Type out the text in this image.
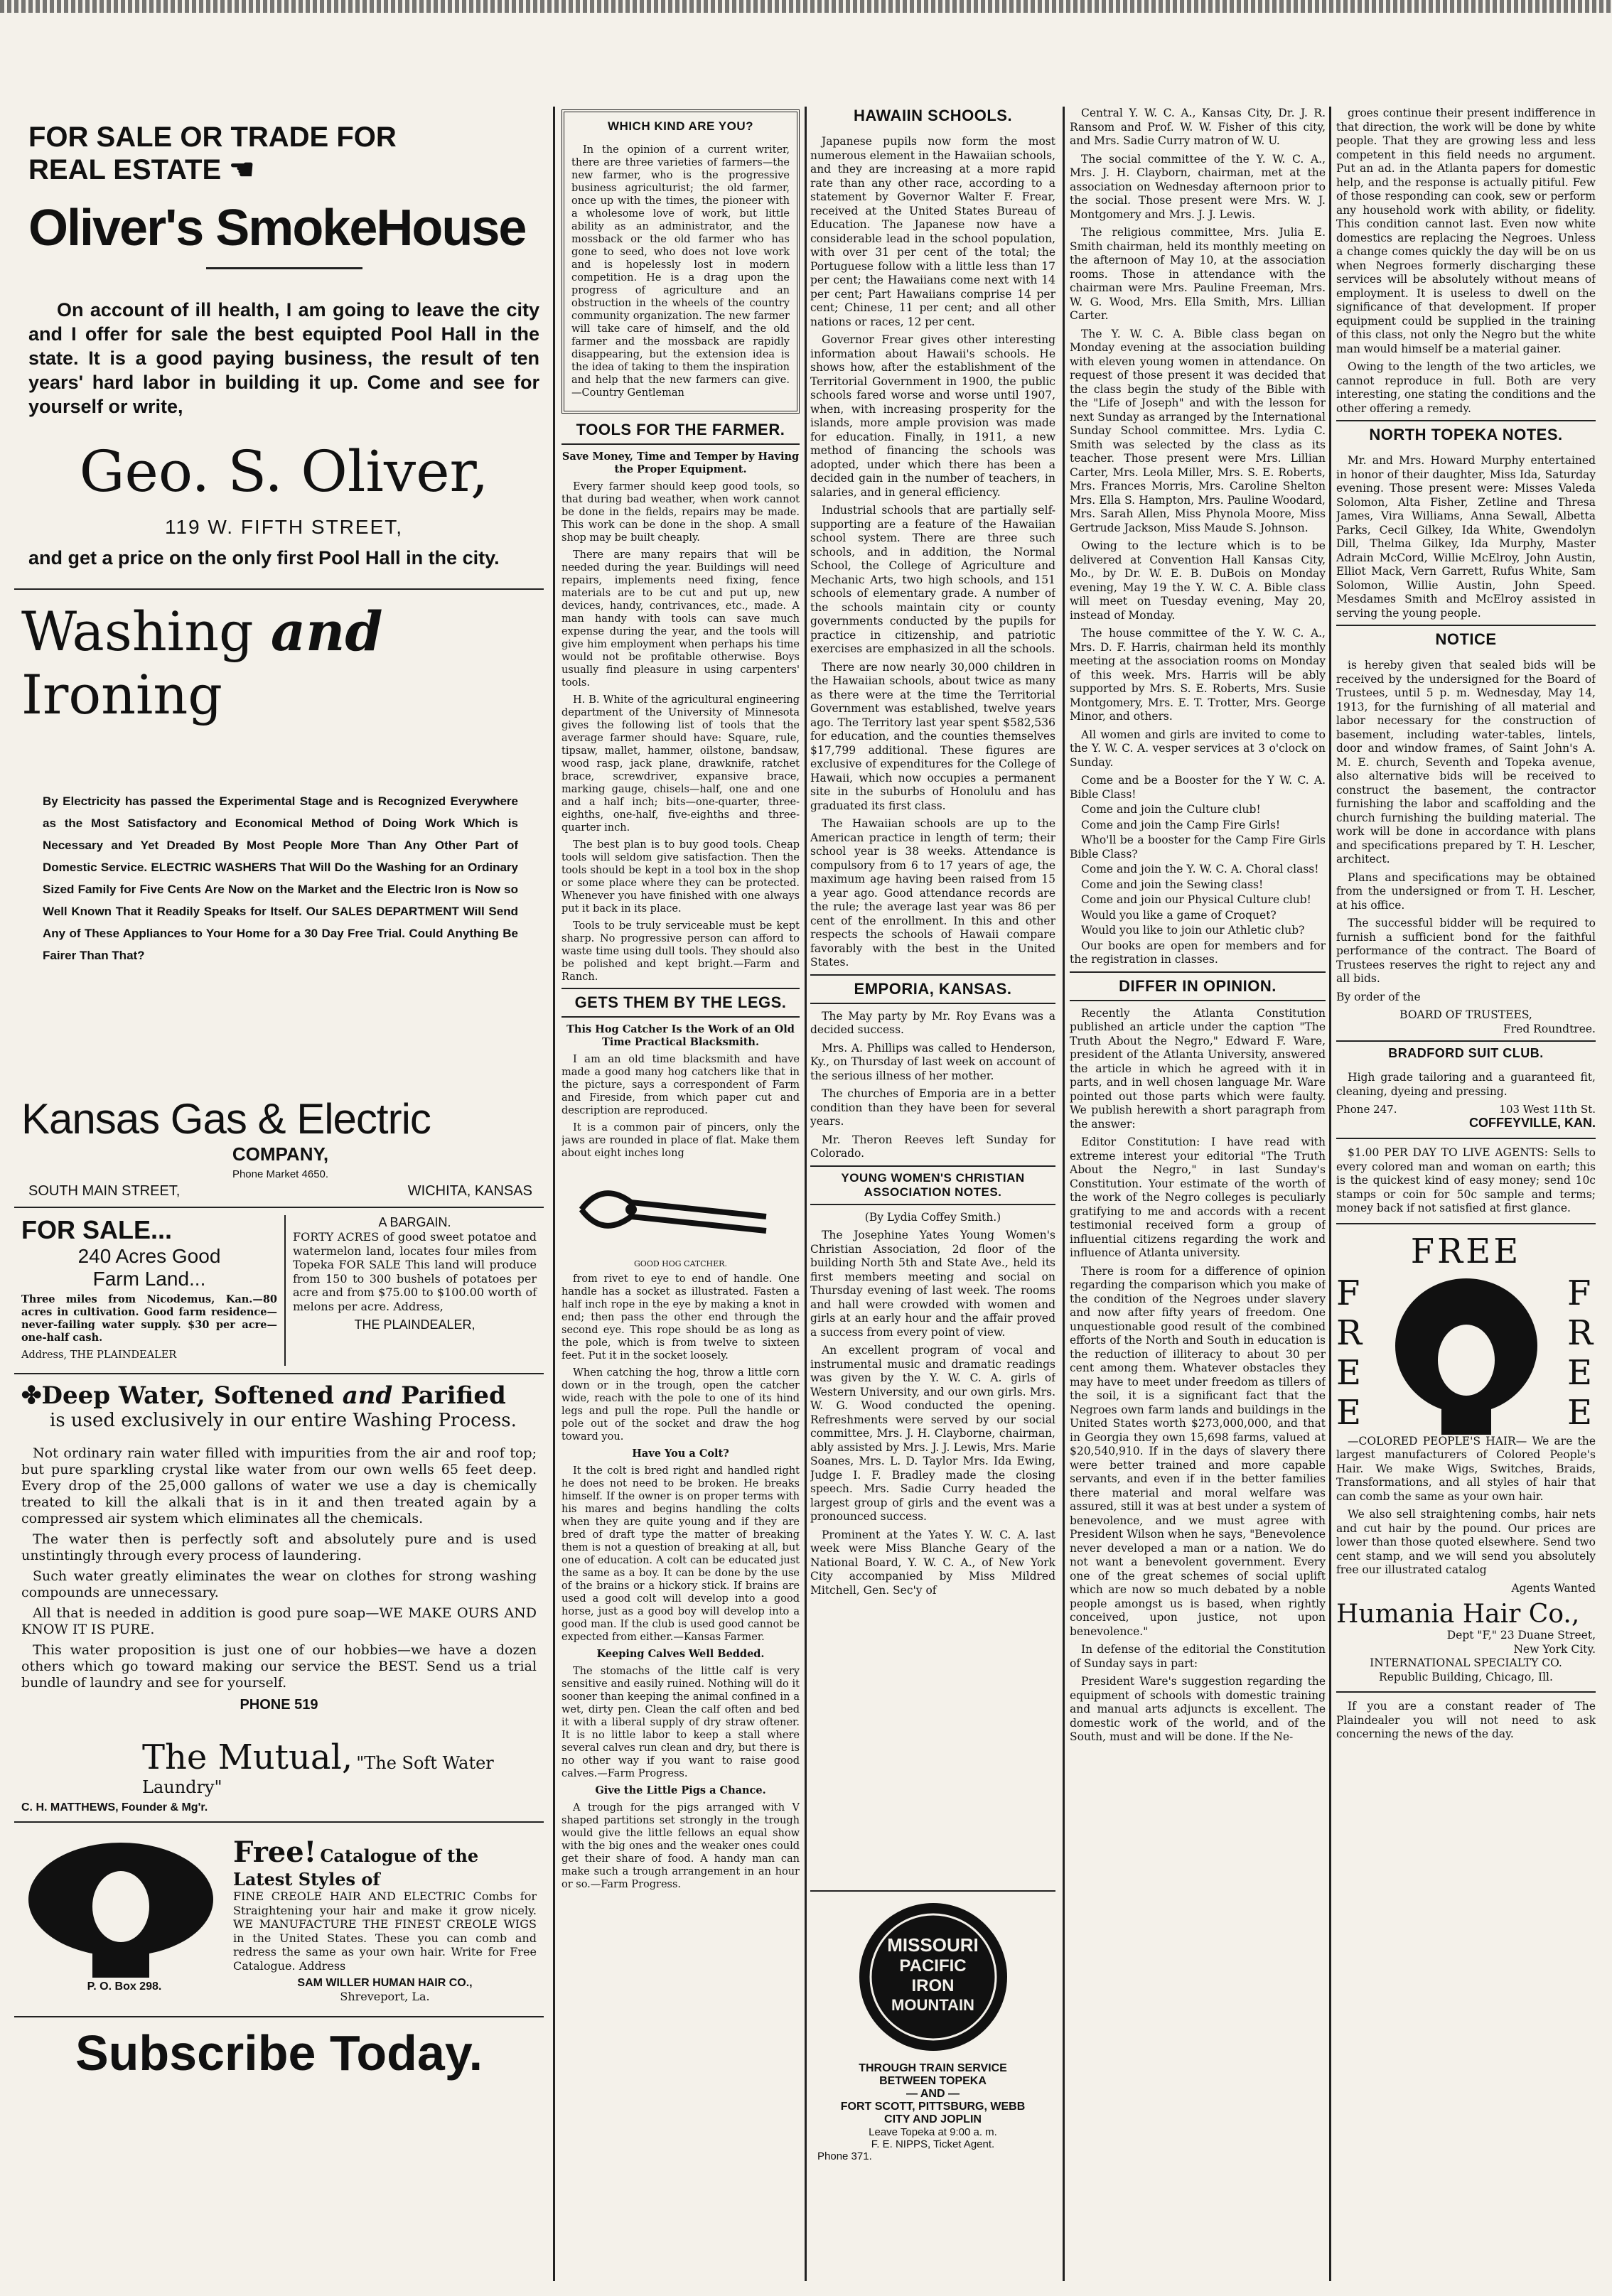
FOR SALE OR TRADE FOR

REAL ESTATE ☚

Oliver's SmokeHouse

On account of ill health, I am going to leave the city and I offer for sale the best equipted Pool Hall in the state. It is a good paying business, the result of ten years' hard labor in building it up. Come and see for yourself or write,

Geo. S. Oliver,

119 W. FIFTH STREET,

and get a price on the only first Pool Hall in the city.

Washing and Ironing

By Electricity has passed the Experimental Stage and is Recognized Everywhere as the Most Satisfactory and Economical Method of Doing Work Which is Necessary and Yet Dreaded By Most People More Than Any Other Part of Domestic Service. ELECTRIC WASHERS That Will Do the Washing for an Ordinary Sized Family for Five Cents Are Now on the Market and the Electric Iron is Now so Well Known That it Readily Speaks for Itself. Our SALES DEPARTMENT Will Send Any of These Appliances to Your Home for a 30 Day Free Trial. Could Anything Be Fairer Than That?

Kansas Gas & Electric

COMPANY,

Phone Market 4650.

SOUTH MAIN STREET,	WICHITA, KANSAS

FOR SALE...

240 Acres Good

Farm Land...

Three miles from Nicodemus, Kan.—80 acres in cultivation. Good farm residence—never-failing water supply. $30 per acre—one-half cash.

Address, THE PLAINDEALER

A BARGAIN.

FORTY ACRES of good sweet potatoe and watermelon land, locates four miles from Topeka FOR SALE This land will produce from 150 to 300 bushels of potatoes per acre and from $75.00 to $100.00 worth of melons per acre. Address,

THE PLAINDEALER,

✤Deep Water, Softened and Parified

is used exclusively in our entire Washing Process.

Not ordinary rain water filled with impurities from the air and roof top; but pure sparkling crystal like water from our own wells 65 feet deep. Every drop of the 25,000 gallons of water we use a day is chemically treated to kill the alkali that is in it and then treated again by a compressed air system which eliminates all the chemicals.

The water then is perfectly soft and absolutely pure and is used unstintingly through every process of laundering.

Such water greatly eliminates the wear on clothes for strong washing compounds are unnecessary.

All that is needed in addition is good pure soap—WE MAKE OURS AND KNOW IT IS PURE.

This water proposition is just one of our hobbies—we have a dozen others which go toward making our service the BEST. Send us a trial bundle of laundry and see for yourself.

PHONE 519

The Mutual, "The Soft Water Laundry"

C. H. MATTHEWS, Founder & Mg'r.

P. O. Box 298.

Free! Catalogue of the Latest Styles of

FINE CREOLE HAIR AND ELECTRIC Combs for Straightening your hair and make it grow nicely. WE MANUFACTURE THE FINEST CREOLE WIGS in the United States. These you can comb and redress the same as your own hair. Write for Free Catalogue. Address

SAM WILLER HUMAN HAIR CO.,

Shreveport, La.

Subscribe Today.

WHICH KIND ARE YOU?

In the opinion of a current writer, there are three varieties of farmers—the new farmer, who is the progressive business agriculturist; the old farmer, once up with the times, the pioneer with a wholesome love of work, but little ability as an administrator, and the mossback or the old farmer who has gone to seed, who does not love work and is hopelessly lost in modern competition. He is a drag upon the progress of agriculture and an obstruction in the wheels of the country community organization. The new farmer will take care of himself, and the old farmer and the mossback are rapidly disappearing, but the extension idea is the idea of taking to them the inspiration and help that the new farmers can give.—Country Gentleman

TOOLS FOR THE FARMER.

Save Money, Time and Temper by Having the Proper Equipment.

Every farmer should keep good tools, so that during bad weather, when work cannot be done in the fields, repairs may be made. This work can be done in the shop. A small shop may be built cheaply.

There are many repairs that will be needed during the year. Buildings will need repairs, implements need fixing, fence materials are to be cut and put up, new devices, handy, contrivances, etc., made. A man handy with tools can save much expense during the year, and the tools will give him employment when perhaps his time would not be profitable otherwise. Boys usually find pleasure in using carpenters' tools.

H. B. White of the agricultural engineering department of the University of Minnesota gives the following list of tools that the average farmer should have: Square, rule, tipsaw, mallet, hammer, oilstone, bandsaw, wood rasp, jack plane, drawknife, ratchet brace, screwdriver, expansive brace, marking gauge, chisels—half, one and one and a half inch; bits—one-quarter, three-eighths, one-half, five-eighths and three-quarter inch.

The best plan is to buy good tools. Cheap tools will seldom give satisfaction. Then the tools should be kept in a tool box in the shop or some place where they can be protected. Whenever you have finished with one always put it back in its place.

Tools to be truly serviceable must be kept sharp. No progressive person can afford to waste time using dull tools. They should also be polished and kept bright.—Farm and Ranch.

GETS THEM BY THE LEGS.

This Hog Catcher Is the Work of an Old Time Practical Blacksmith.

I am an old time blacksmith and have made a good many hog catchers like that in the picture, says a correspondent of Farm and Fireside, from which paper cut and description are reproduced.

It is a common pair of pincers, only the jaws are rounded in place of flat. Make them about eight inches long

GOOD HOG CATCHER.

from rivet to eye to end of handle. One handle has a socket as illustrated. Fasten a half inch rope in the eye by making a knot in end; then pass the other end through the second eye. This rope should be as long as the pole, which is from twelve to sixteen feet. Put it in the socket loosely.

When catching the hog, throw a little corn down or in the trough, open the catcher wide, reach with the pole to one of its hind legs and pull the rope. Pull the handle or pole out of the socket and draw the hog toward you.

Have You a Colt?

It the colt is bred right and handled right he does not need to be broken. He breaks himself. If the owner is on proper terms with his mares and begins handling the colts when they are quite young and if they are bred of draft type the matter of breaking them is not a question of breaking at all, but one of education. A colt can be educated just the same as a boy. It can be done by the use of the brains or a hickory stick. If brains are used a good colt will develop into a good horse, just as a good boy will develop into a good man. If the club is used good cannot be expected from either.—Kansas Farmer.

Keeping Calves Well Bedded.

The stomachs of the little calf is very sensitive and easily ruined. Nothing will do it sooner than keeping the animal confined in a wet, dirty pen. Clean the calf often and bed it with a liberal supply of dry straw oftener. It is no little labor to keep a stall where several calves run clean and dry, but there is no other way if you want to raise good calves.—Farm Progress.

Give the Little Pigs a Chance.

A trough for the pigs arranged with V shaped partitions set strongly in the trough would give the little fellows an equal show with the big ones and the weaker ones could get their share of food. A handy man can make such a trough arrangement in an hour or so.—Farm Progress.

HAWAIIN SCHOOLS.

Japanese pupils now form the most numerous element in the Hawaiian schools, and they are increasing at a more rapid rate than any other race, according to a statement by Governor Walter F. Frear, received at the United States Bureau of Education. The Japanese now have a considerable lead in the school population, with over 31 per cent of the total; the Portuguese follow with a little less than 17 per cent; the Hawaiians come next with 14 per cent; Part Hawaiians comprise 14 per cent; Chinese, 11 per cent; and all other nations or races, 12 per cent.

Governor Frear gives other interesting information about Hawaii's schools. He shows how, after the establishment of the Territorial Government in 1900, the public schools fared worse and worse until 1907, when, with increasing prosperity for the islands, more ample provision was made for education. Finally, in 1911, a new method of financing the schools was adopted, under which there has been a decided gain in the number of teachers, in salaries, and in general efficiency.

Industrial schools that are partially self-supporting are a feature of the Hawaiian school system. There are three such schools, and in addition, the Normal School, the College of Agriculture and Mechanic Arts, two high schools, and 151 schools of elementary grade. A number of the schools maintain city or county governments conducted by the pupils for practice in citizenship, and patriotic exercises are emphasized in all the schools.

There are now nearly 30,000 children in the Hawaiian schools, about twice as many as there were at the time the Territorial Government was established, twelve years ago. The Territory last year spent $582,536 for education, and the counties themselves $17,799 additional. These figures are exclusive of expenditures for the College of Hawaii, which now occupies a permanent site in the suburbs of Honolulu and has graduated its first class.

The Hawaiian schools are up to the American practice in length of term; their school year is 38 weeks. Attendance is compulsory from 6 to 17 years of age, the maximum age having been raised from 15 a year ago. Good attendance records are the rule; the average last year was 86 per cent of the enrollment. In this and other respects the schools of Hawaii compare favorably with the best in the United States.

EMPORIA, KANSAS.

The May party by Mr. Roy Evans was a decided success.

Mrs. A. Phillips was called to Henderson, Ky., on Thursday of last week on account of the serious illness of her mother.

The churches of Emporia are in a better condition than they have been for several years.

Mr. Theron Reeves left Sunday for Colorado.

YOUNG WOMEN'S CHRISTIAN ASSOCIATION NOTES.

(By Lydia Coffey Smith.)

The Josephine Yates Young Women's Christian Association, 2d floor of the building North 5th and State Ave., held its first members meeting and social on Thursday evening of last week. The rooms and hall were crowded with women and girls at an early hour and the affair proved a success from every point of view.

An excellent program of vocal and instrumental music and dramatic readings was given by the Y. W. C. A. girls of Western University, and our own girls. Mrs. W. G. Wood conducted the opening. Refreshments were served by our social committee, Mrs. J. H. Clayborne, chairman, ably assisted by Mrs. J. J. Lewis, Mrs. Marie Soanes, Mrs. L. D. Taylor Mrs. Ida Ewing, Judge I. F. Bradley made the closing speech. Mrs. Sadie Curry headed the largest group of girls and the event was a pronounced success.

Prominent at the Yates Y. W. C. A. last week were Miss Blanche Geary of the National Board, Y. W. C. A., of New York City accompanied by Miss Mildred Mitchell, Gen. Sec'y of

Central Y. W. C. A., Kansas City, Dr. J. R. Ransom and Prof. W. W. Fisher of this city, and Mrs. Sadie Curry matron of W. U.

The social committee of the Y. W. C. A., Mrs. J. H. Clayborn, chairman, met at the association on Wednesday afternoon prior to the social. Those present were Mrs. W. J. Montgomery and Mrs. J. J. Lewis.

The religious committee, Mrs. Julia E. Smith chairman, held its monthly meeting on the afternoon of May 10, at the association rooms. Those in attendance with the chairman were Mrs. Pauline Freeman, Mrs. W. G. Wood, Mrs. Ella Smith, Mrs. Lillian Carter.

The Y. W. C. A. Bible class began on Monday evening at the association building with eleven young women in attendance. On request of those present it was decided that the class begin the study of the Bible with the "Life of Joseph" and with the lesson for next Sunday as arranged by the International Sunday School committee. Mrs. Lydia C. Smith was selected by the class as its teacher. Those present were Mrs. Lillian Carter, Mrs. Leola Miller, Mrs. S. E. Roberts, Mrs. Frances Morris, Mrs. Caroline Shelton Mrs. Ella S. Hampton, Mrs. Pauline Woodard, Mrs. Sarah Allen, Miss Phynola Moore, Miss Gertrude Jackson, Miss Maude S. Johnson.

Owing to the lecture which is to be delivered at Convention Hall Kansas City, Mo., by Dr. W. E. B. DuBois on Monday evening, May 19 the Y. W. C. A. Bible class will meet on Tuesday evening, May 20, instead of Monday.

The house committee of the Y. W. C. A., Mrs. D. F. Harris, chairman held its monthly meeting at the association rooms on Monday of this week. Mrs. Harris will be ably supported by Mrs. S. E. Roberts, Mrs. Susie Montgomery, Mrs. E. T. Trotter, Mrs. George Minor, and others.

All women and girls are invited to come to the Y. W. C. A. vesper services at 3 o'clock on Sunday.

Come and be a Booster for the Y W. C. A. Bible Class!

Come and join the Culture club!

Come and join the Camp Fire Girls!

Who'll be a booster for the Camp Fire Girls Bible Class?

Come and join the Y. W. C. A. Choral class!

Come and join the Sewing class!

Come and join our Physical Culture club!

Would you like a game of Croquet?

Would you like to join our Athletic club?

Our books are open for members and for the registration in classes.

DIFFER IN OPINION.

Recently the Atlanta Constitution published an article under the caption "The Truth About the Negro," Edward F. Ware, president of the Atlanta University, answered the article in which he agreed with it in parts, and in well chosen language Mr. Ware pointed out those parts which were faulty. We publish herewith a short paragraph from the answer:

Editor Constitution: I have read with extreme interest your editorial "The Truth About the Negro," in last Sunday's Constitution. Your estimate of the worth of the work of the Negro colleges is peculiarly gratifying to me and accords with a recent testimonial received form a group of influential citizens regarding the work and influence of Atlanta university.

There is room for a difference of opinion regarding the comparison which you make of the condition of the Negroes under slavery and now after fifty years of freedom. One unquestionable good result of the combined efforts of the North and South in education is the reduction of illiteracy to about 30 per cent among them. Whatever obstacles they may have to meet under freedom as tillers of the soil, it is a significant fact that the Negroes own farm lands and buildings in the United States worth $273,000,000, and that in Georgia they own 15,698 farms, valued at $20,540,910. If in the days of slavery there were better trained and more capable servants, and even if in the better families there material and moral welfare was assured, still it was at best under a system of benevolence, and we must agree with President Wilson when he says, "Benevolence never developed a man or a nation. We do not want a benevolent government. Every one of the great schemes of social uplift which are now so much debated by a noble people amongst us is based, when rightly conceived, upon justice, not upon benevolence."

In defense of the editorial the Constitution of Sunday says in part:

President Ware's suggestion regarding the equipment of schools with domestic training and manual arts adjuncts is excellent. The domestic work of the world, and of the South, must and will be done. If the Ne-

MISSOURI
PACIFIC
IRON
MOUNTAIN

THROUGH TRAIN SERVICE

BETWEEN TOPEKA

— AND —

FORT SCOTT, PITTSBURG, WEBB

CITY AND JOPLIN

Leave Topeka at 9:00 a. m.

F. E. NIPPS, Ticket Agent.

Phone 371.

groes continue their present indifference in that direction, the work will be done by white people. That they are growing less and less competent in this field needs no argument. Put an ad. in the Atlanta papers for domestic help, and the response is actually pitiful. Few of those responding can cook, sew or perform any household work with ability, or fidelity. This condition cannot last. Even now white domestics are replacing the Negroes. Unless a change comes quickly the day will be on us when Negroes formerly discharging these services will be absolutely without means of employment. It is useless to dwell on the significance of that development. If proper equipment could be supplied in the training of this class, not only the Negro but the white man would himself be a material gainer.

Owing to the length of the two articles, we cannot reproduce in full. Both are very interesting, one stating the conditions and the other offering a remedy.

NORTH TOPEKA NOTES.

Mr. and Mrs. Howard Murphy entertained in honor of their daughter, Miss Ida, Saturday evening. Those present were: Misses Valeda Solomon, Alta Fisher, Zetline and Thresa James, Vira Williams, Anna Sewall, Albetta Parks, Cecil Gilkey, Ida White, Gwendolyn Dill, Thelma Gilkey, Ida Murphy, Master Adrain McCord, Willie McElroy, John Austin, Elliot Mack, Vern Garrett, Rufus White, Sam Solomon, Willie Austin, John Speed. Mesdames Smith and McElroy assisted in serving the young people.

NOTICE

is hereby given that sealed bids will be received by the undersigned for the Board of Trustees, until 5 p. m. Wednesday, May 14, 1913, for the furnishing of all material and labor necessary for the construction of basement, including water-tables, lintels, door and window frames, of Saint John's A. M. E. church, Seventh and Topeka avenue, also alternative bids will be received to construct the basement, the contractor furnishing the labor and scaffolding and the church furnishing the building material. The work will be done in accordance with plans and specifications prepared by T. H. Lescher, architect.

Plans and specifications may be obtained from the undersigned or from T. H. Lescher, at his office.

The successful bidder will be required to furnish a sufficient bond for the faithful performance of the contract. The Board of Trustees reserves the right to reject any and all bids.

By order of the

BOARD OF TRUSTEES,

Fred Roundtree.

BRADFORD SUIT CLUB.

High grade tailoring and a guaranteed fit, cleaning, dyeing and pressing.

Phone 247.	103 West 11th St.

COFFEYVILLE, KAN.

$1.00 PER DAY TO LIVE AGENTS: Sells to every colored man and woman on earth; this is the quickest kind of easy money; send 10c stamps or coin for 50c sample and terms; money back if not satisfied at first glance.

FREE

FREE
FREE

—COLORED PEOPLE'S HAIR— We are the largest manufacturers of Colored People's Hair. We make Wigs, Switches, Braids, Transformations, and all styles of hair that can comb the same as your own hair.

We also sell straightening combs, hair nets and cut hair by the pound. Our prices are lower than those quoted elsewhere. Send two cent stamp, and we will send you absolutely free our illustrated catalog

Agents Wanted

Humania Hair Co.,

Dept "F," 23 Duane Street,

New York City.

INTERNATIONAL SPECIALTY CO.

Republic Building, Chicago, Ill.

If you are a constant reader of The Plaindealer you will not need to ask concerning the news of the day.
